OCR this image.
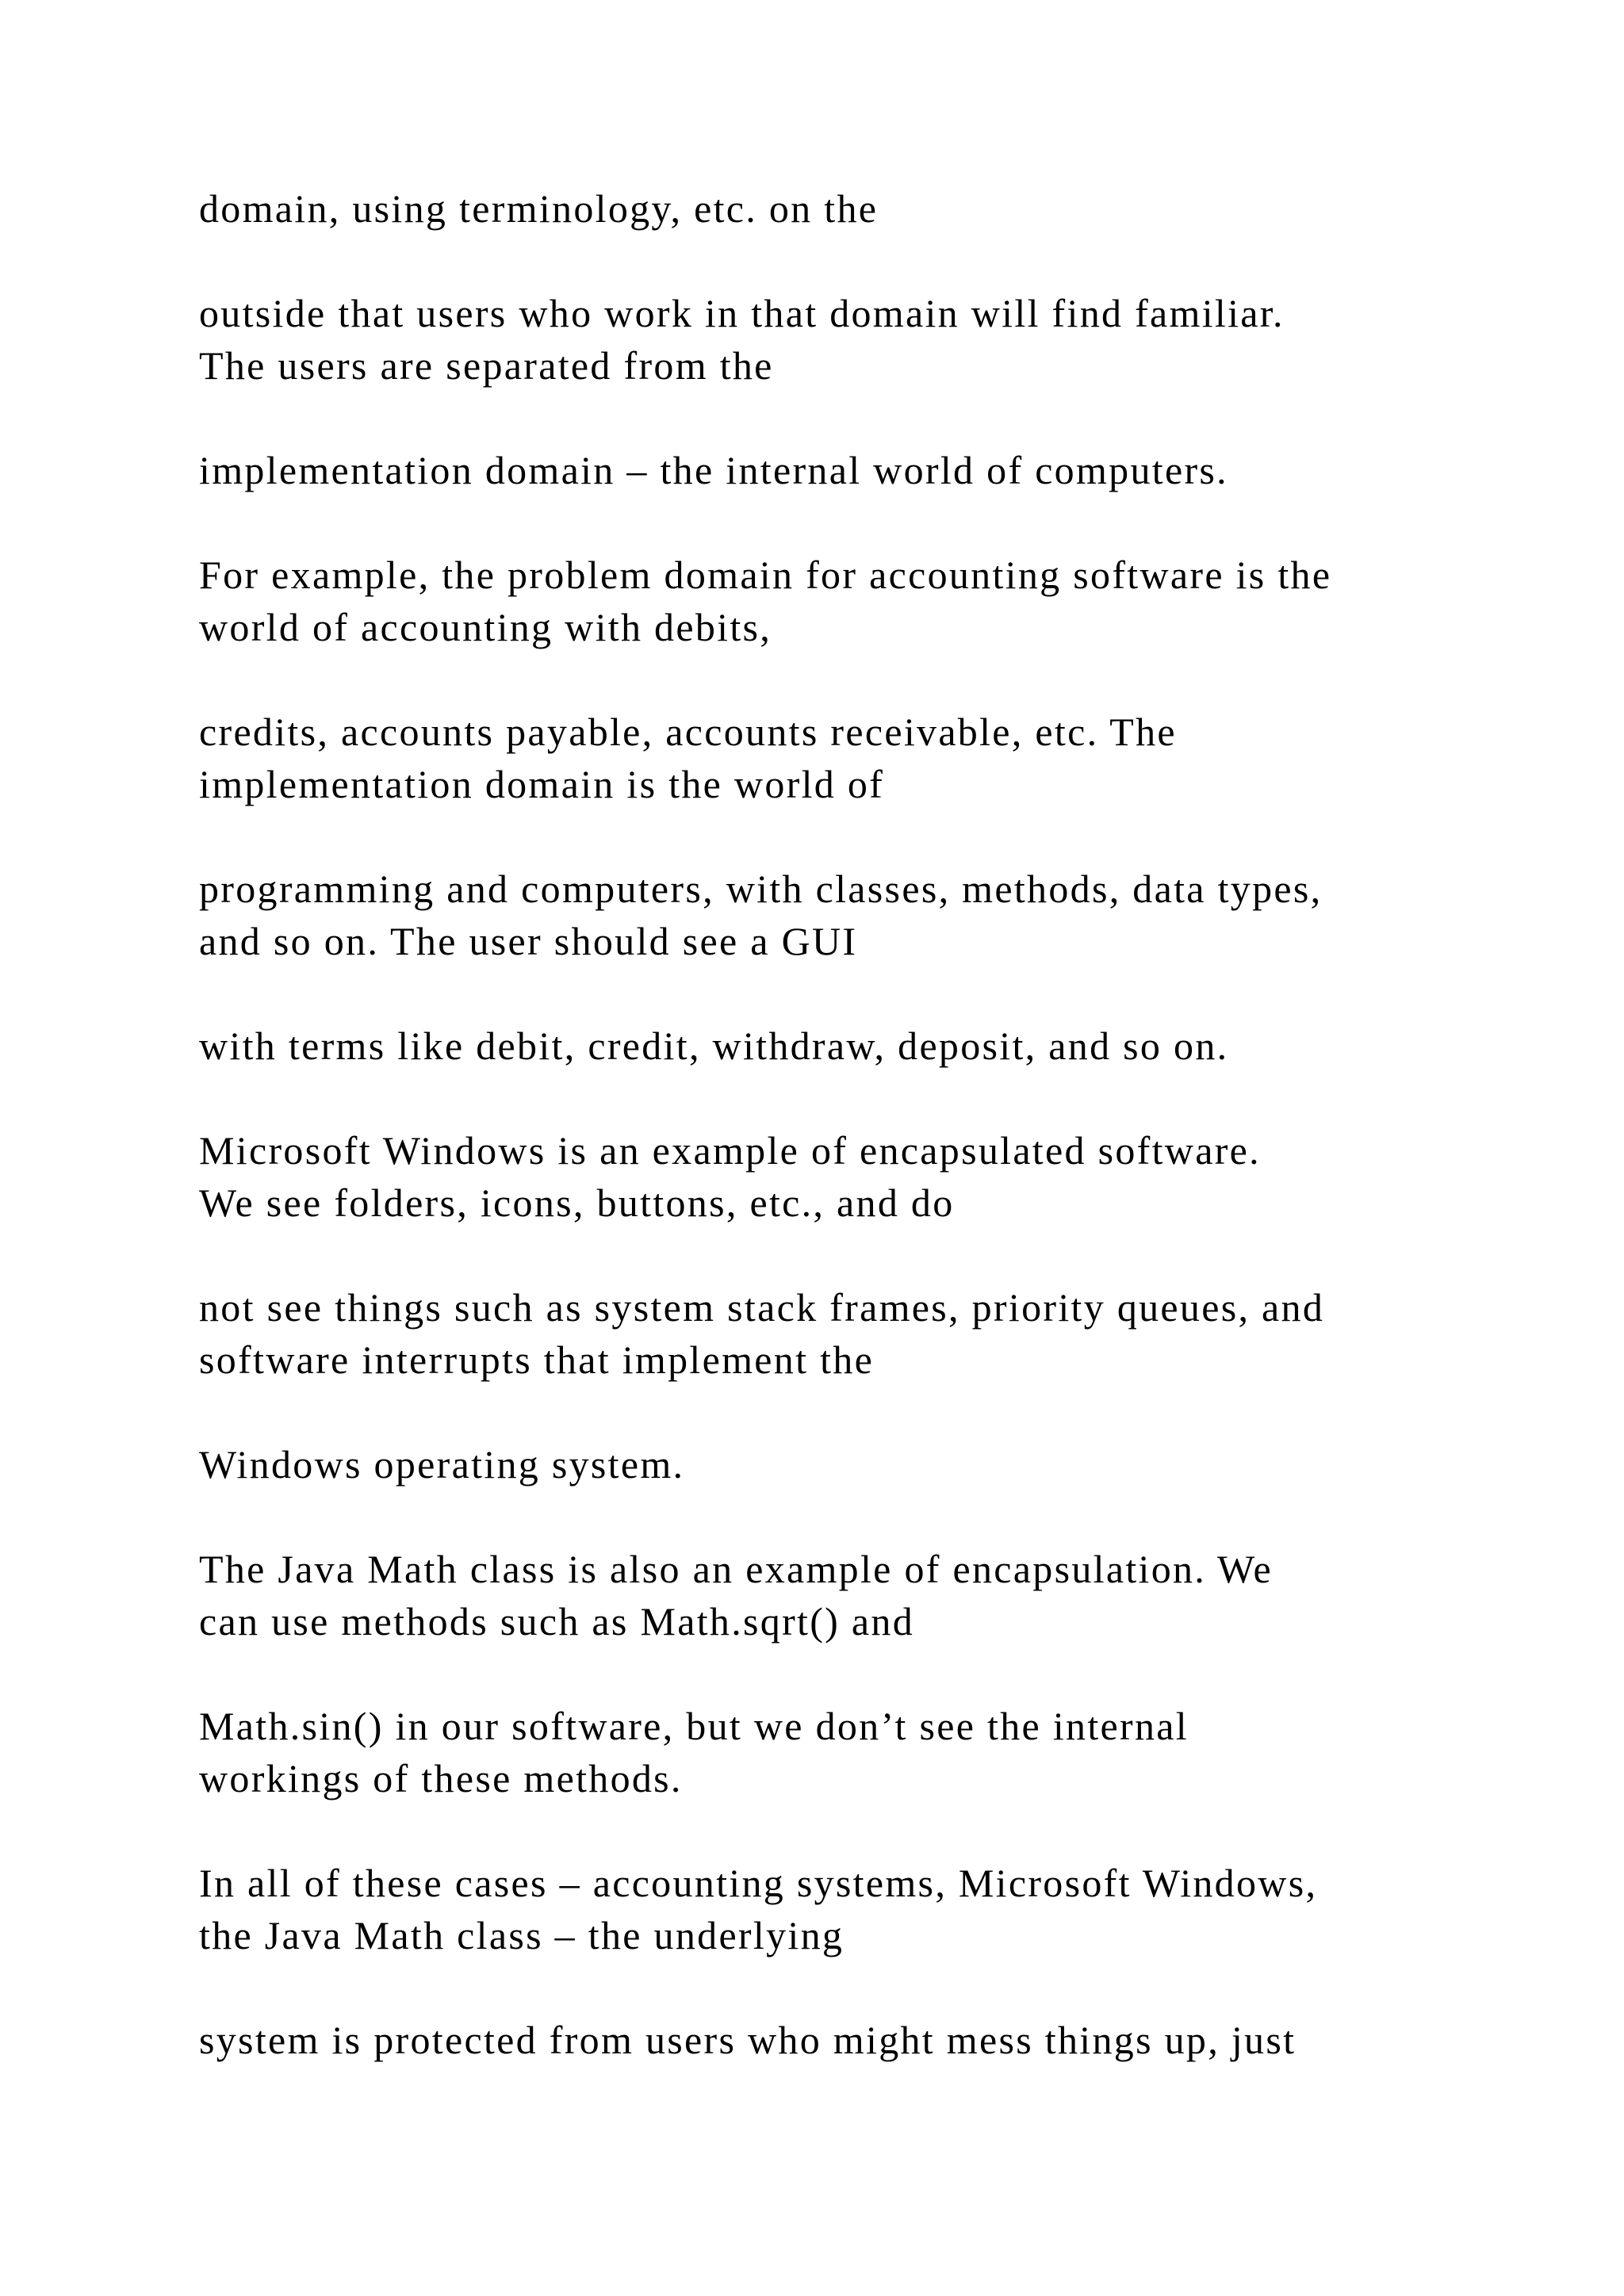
domain, using terminology, etc. on the

outside that users who work in that domain will find familiar.
The users are separated from the

implementation domain – the internal world of computers.

For example, the problem domain for accounting software is the
world of accounting with debits,

credits, accounts payable, accounts receivable, etc. The
implementation domain is the world of

programming and computers, with classes, methods, data types,
and so on. The user should see a GUI

with terms like debit, credit, withdraw, deposit, and so on.

Microsoft Windows is an example of encapsulated software.
We see folders, icons, buttons, etc., and do

not see things such as system stack frames, priority queues, and
software interrupts that implement the

Windows operating system.

The Java Math class is also an example of encapsulation. We
can use methods such as Math.sqrt() and

Math.sin() in our software, but we don’t see the internal
workings of these methods.

In all of these cases – accounting systems, Microsoft Windows,
the Java Math class – the underlying

system is protected from users who might mess things up, just
